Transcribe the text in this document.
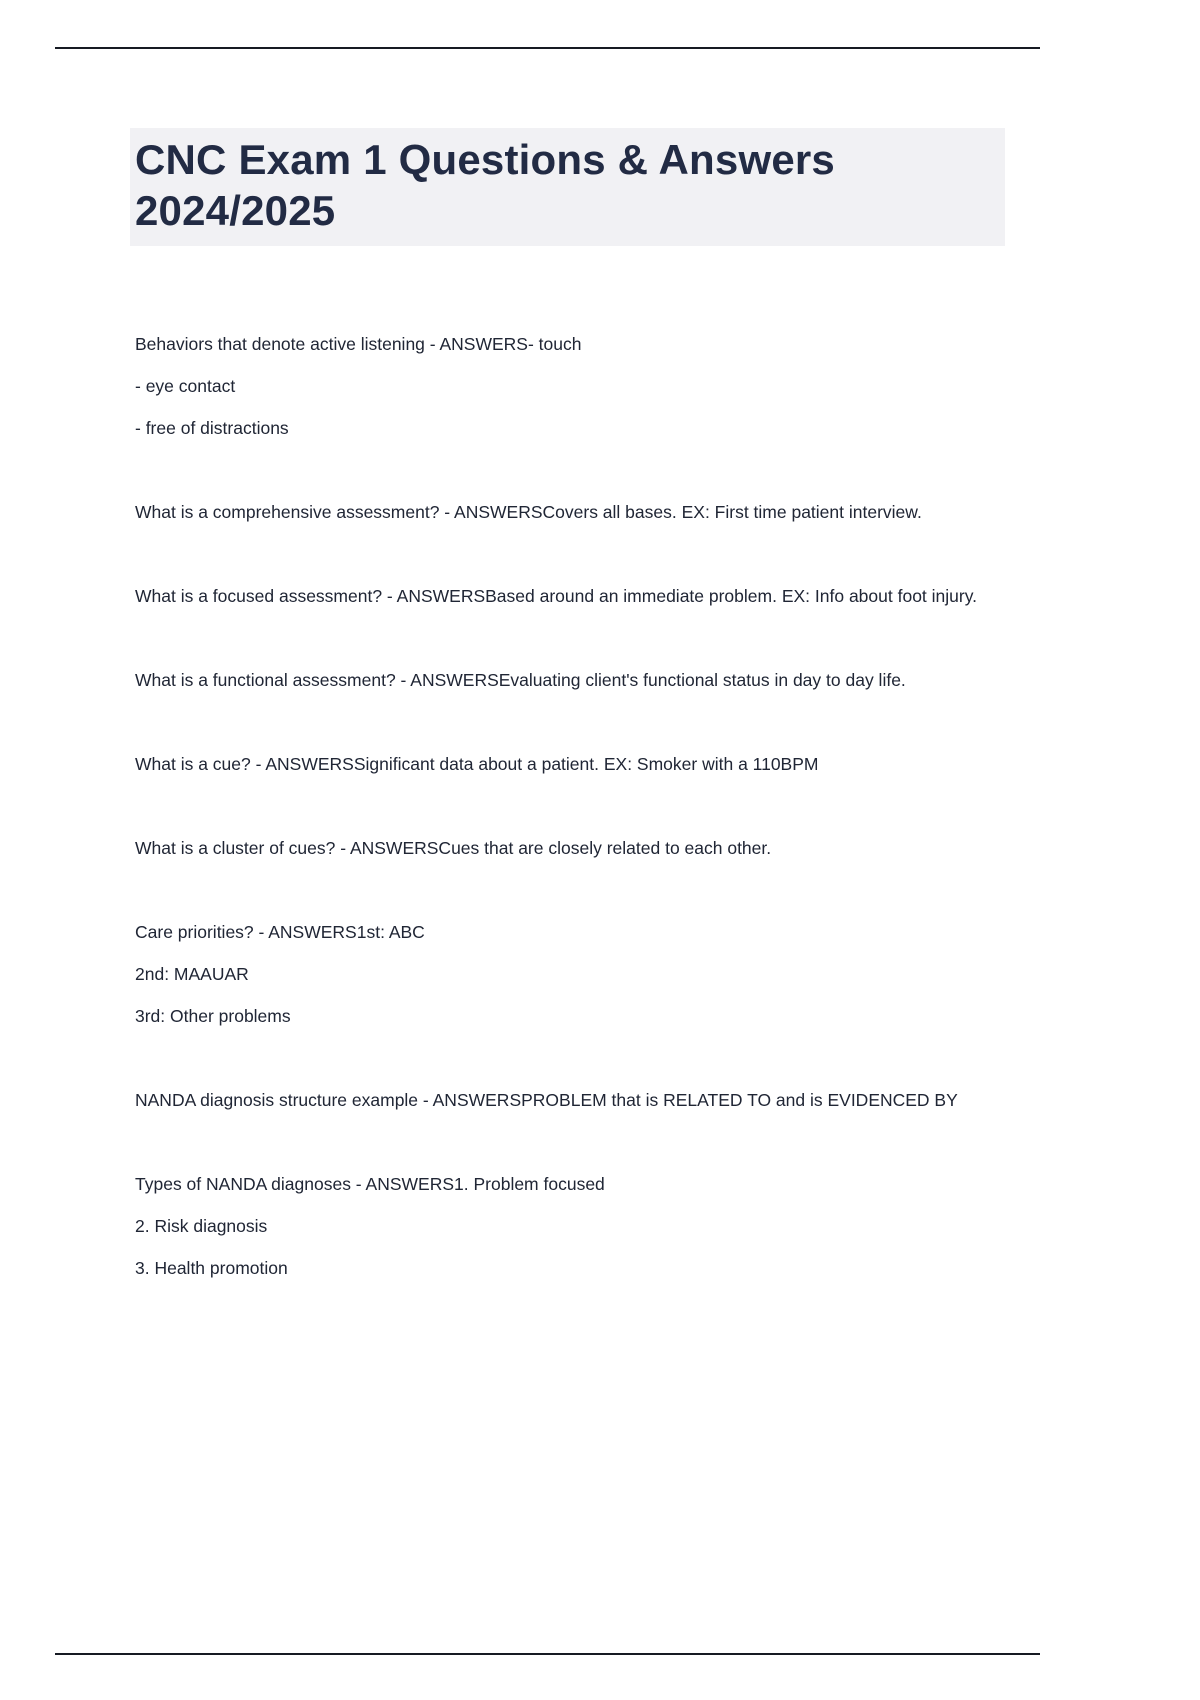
CNC Exam 1 Questions & Answers 2024/2025

Behaviors that denote active listening - ANSWERS- touch

- eye contact

- free of distractions

What is a comprehensive assessment? - ANSWERSCovers all bases. EX: First time patient interview.

What is a focused assessment? - ANSWERSBased around an immediate problem. EX: Info about foot injury.

What is a functional assessment? - ANSWERSEvaluating client's functional status in day to day life.

What is a cue? - ANSWERSSignificant data about a patient. EX: Smoker with a 110BPM

What is a cluster of cues? - ANSWERSCues that are closely related to each other.

Care priorities? - ANSWERS1st: ABC

2nd: MAAUAR

3rd: Other problems

NANDA diagnosis structure example - ANSWERSPROBLEM that is RELATED TO and is EVIDENCED BY

Types of NANDA diagnoses - ANSWERS1. Problem focused

2. Risk diagnosis

3. Health promotion
